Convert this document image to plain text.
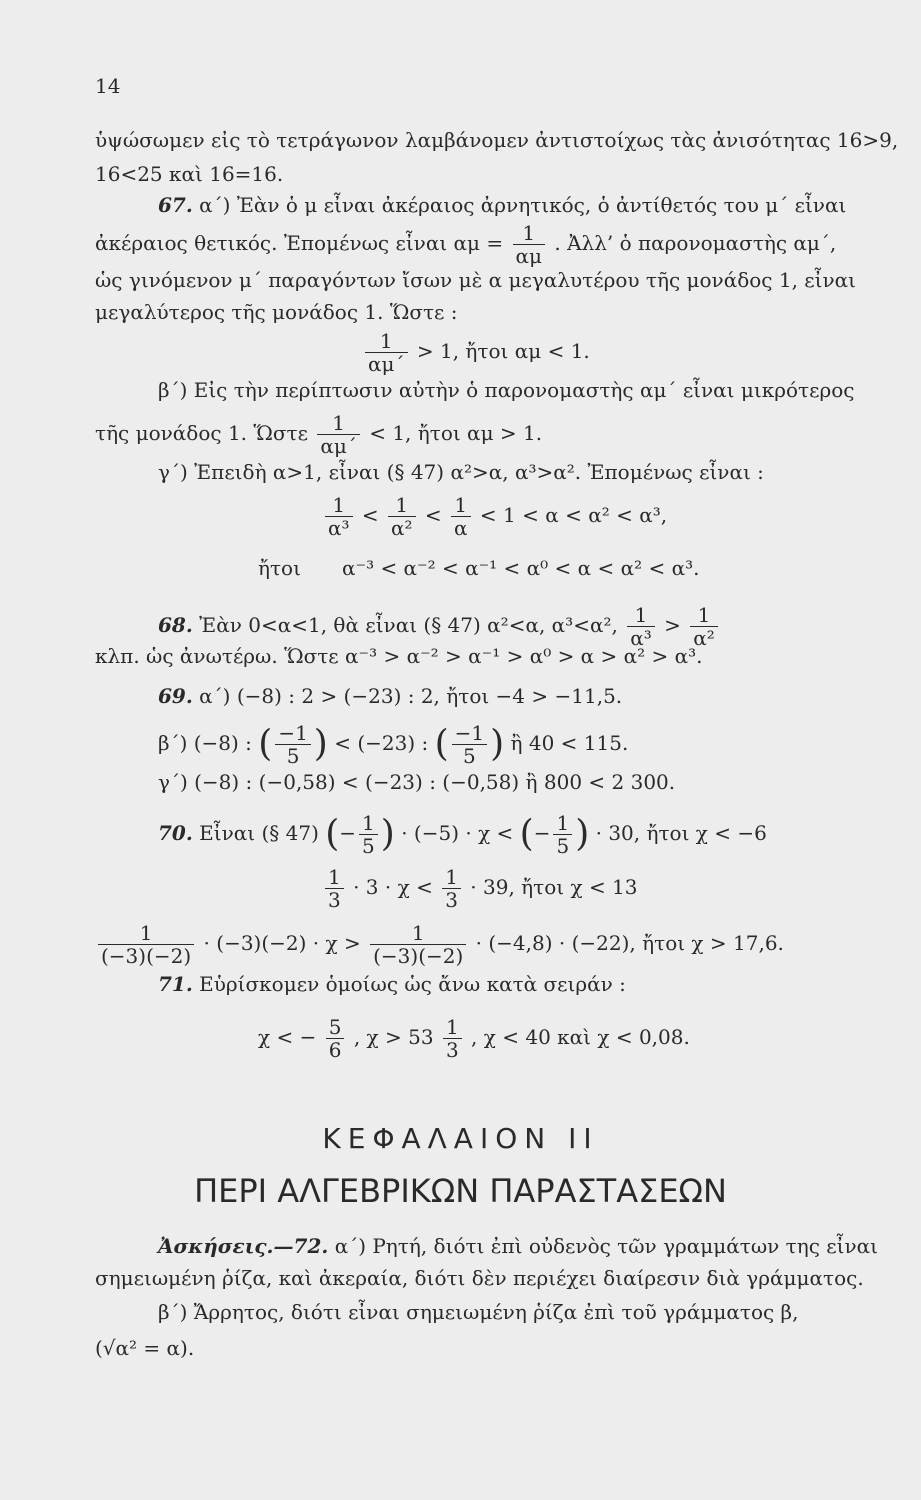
14
ὑψώσωμεν εἰς τὸ τετράγωνον λαμβάνομεν ἀντιστοίχως τὰς ἀνισότητας 16>9,
16<25 καὶ 16=16.
67. α΄) Ἐὰν ὁ μ εἶναι ἀκέραιος ἀρνητικός, ὁ ἀντίθετός του μ΄ εἶναι
ἀκέραιος θετικός. Ἐπομένως εἶναι $\alpha\mu = \frac{1}{\alpha\mu}$ . Ἀλλ’ ὁ παρονομαστὴς αμ΄,
ὡς γινόμενον μ΄ παραγόντων ἴσων μὲ α μεγαλυτέρου τῆς μονάδος 1, εἶναι
μεγαλύτερος τῆς μονάδος 1. Ὥστε :
$\frac{1}{\alpha\mu΄} > 1$, ἤτοι αμ < 1.
β΄) Εἰς τὴν περίπτωσιν αὐτὴν ὁ παρονομαστὴς αμ΄ εἶναι μικρότερος
τῆς μονάδος 1. Ὥστε $\frac{1}{\alpha\mu΄} < 1$, ἤτοι αμ > 1.
γ΄) Ἐπειδὴ α>1, εἶναι (§ 47) α²>α, α³>α². Ἐπομένως εἶναι :
$\frac{1}{\text{α³}} < \frac{1}{\text{α²}} < \frac{1}{\alpha} < 1 < \alpha < \alpha^2 < \alpha^3$,
ἤτοι α⁻³ < α⁻² < α⁻¹ < α⁰ < α < α² < α³.
68. Ἐὰν 0<α<1, θὰ εἶναι (§ 47) α²<α, α³<α², $\frac{1}{\text{α³}} > \frac{1}{\text{α²}}$
κλπ. ὡς ἀνωτέρω. Ὥστε α⁻³ > α⁻² > α⁻¹ > α⁰ > α > α² > α³.
69. α΄) (−8) : 2 > (−23) : 2, ἤτοι −4 > −11,5.
β΄) (−8) : ( $\frac{-1}{5}$ ) < (−23) : ( $\frac{-1}{5}$ ) ἢ 40 < 115.
γ΄) (−8) : (−0,58) < (−23) : (−0,58) ἢ 800 < 2 300.
70. Εἶναι (§ 47) (− $\frac{1}{5}$ ) · (−5) · χ < (− $\frac{1}{5}$ ) · 30, ἤτοι χ < −6
$\frac{1}{3} \cdot 3 \cdot \chi < \frac{1}{3} \cdot 39$, ἤτοι χ < 13
$\frac{1}{(-3)(-2)} \cdot (-3)(-2) \cdot \chi > \frac{1}{(-3)(-2)} \cdot (-4,8) \cdot (-22)$, ἤτοι χ > 17,6.
71. Εὑρίσκομεν ὁμοίως ὡς ἄνω κατὰ σειράν :
χ < − $\frac{5}{6}$ , $\chi > 53 \frac{1}{3}$ , χ < 40 καὶ χ < 0,08.
ΚΕΦΑΛΑΙΟΝ ΙΙ
ΠΕΡΙ ΑΛΓΕΒΡΙΚΩΝ ΠΑΡΑΣΤΑΣΕΩΝ
Ἀσκήσεις.—72. α΄) Ρητή, διότι ἐπὶ οὐδενὸς τῶν γραμμάτων της εἶναι
σημειωμένη ῥίζα, καὶ ἀκεραία, διότι δὲν περιέχει διαίρεσιν διὰ γράμματος.
β΄) Ἄρρητος, διότι εἶναι σημειωμένη ῥίζα ἐπὶ τοῦ γράμματος β,
(√α² = α).
